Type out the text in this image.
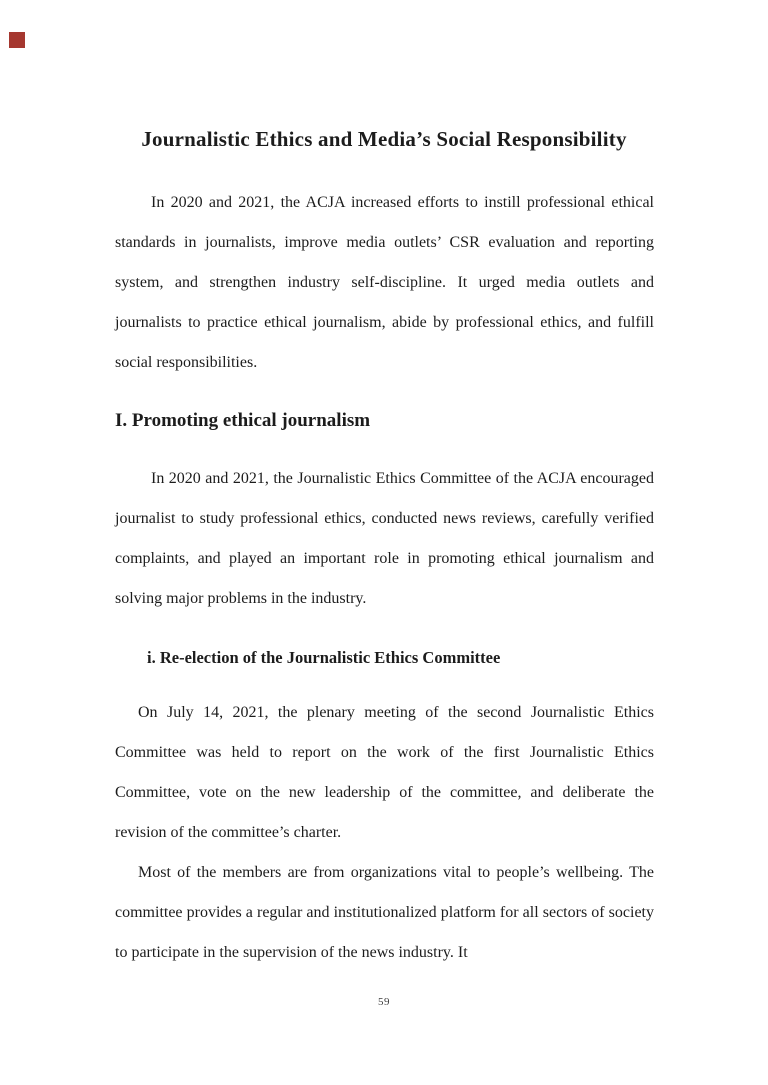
Journalistic Ethics and Media’s Social Responsibility

In 2020 and 2021, the ACJA increased efforts to instill professional ethical standards in journalists, improve media outlets’ CSR evaluation and reporting system, and strengthen industry self-discipline. It urged media outlets and journalists to practice ethical journalism, abide by professional ethics, and fulfill social responsibilities.

I. Promoting ethical journalism

In 2020 and 2021, the Journalistic Ethics Committee of the ACJA encouraged journalist to study professional ethics, conducted news reviews, carefully verified complaints, and played an important role in promoting ethical journalism and solving major problems in the industry.

i. Re-election of the Journalistic Ethics Committee

On July 14, 2021, the plenary meeting of the second Journalistic Ethics Committee was held to report on the work of the first Journalistic Ethics Committee, vote on the new leadership of the committee, and deliberate the revision of the committee’s charter.

Most of the members are from organizations vital to people’s wellbeing. The committee provides a regular and institutionalized platform for all sectors of society to participate in the supervision of the news industry. It

59
